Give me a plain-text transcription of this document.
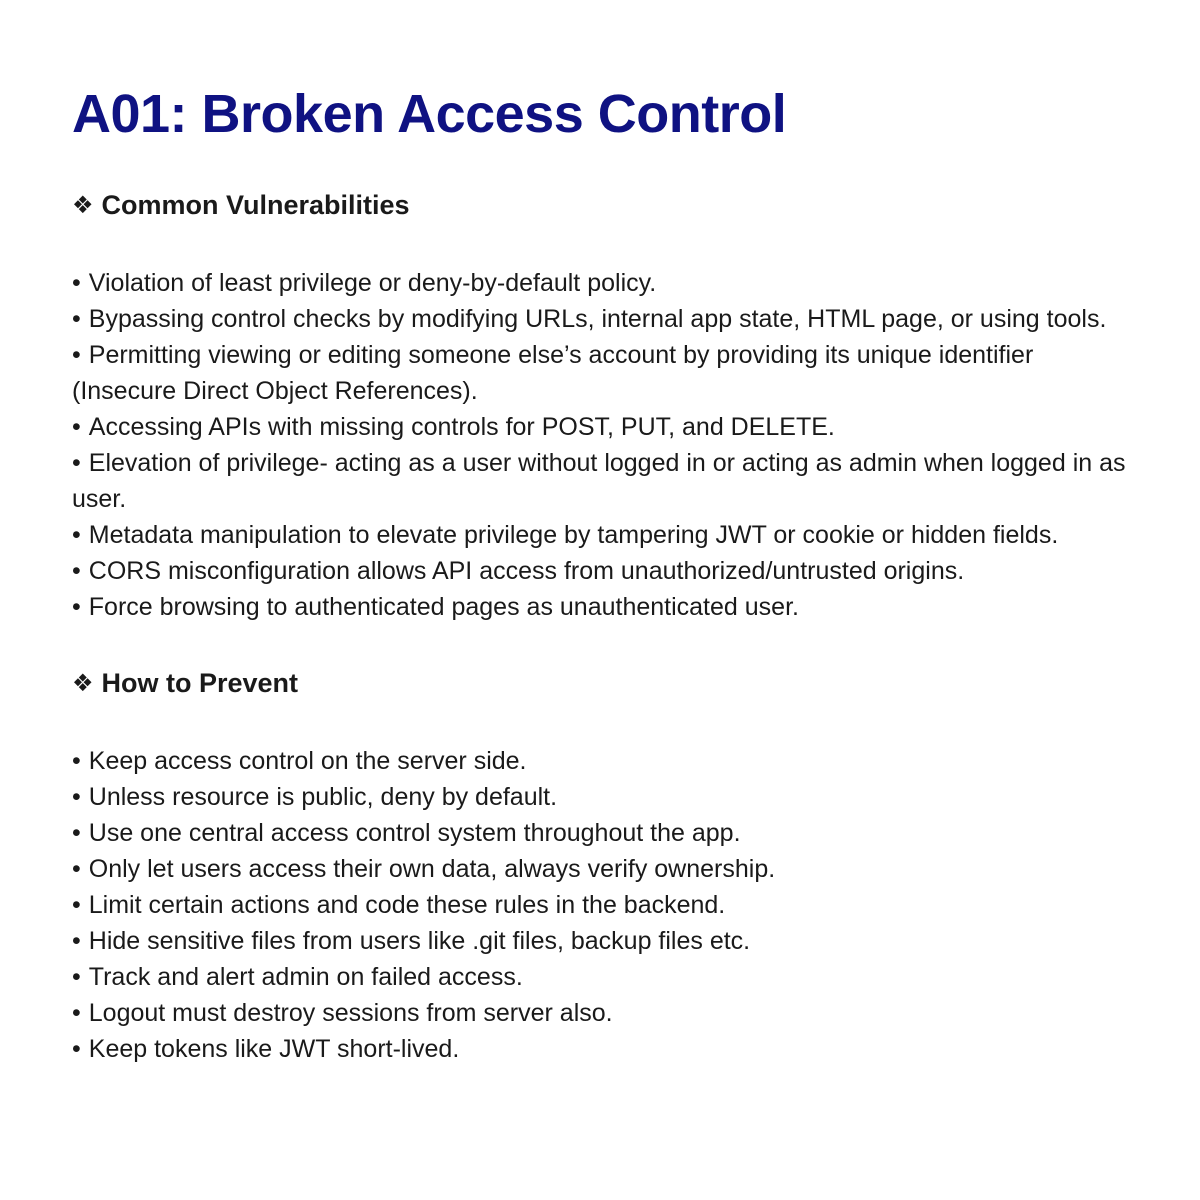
A01: Broken Access Control
❖ Common Vulnerabilities
• Violation of least privilege or deny-by-default policy.
• Bypassing control checks by modifying URLs, internal app state, HTML page, or using tools.
• Permitting viewing or editing someone else’s account by providing its unique identifier (Insecure Direct Object References).
• Accessing APIs with missing controls for POST, PUT, and DELETE.
• Elevation of privilege- acting as a user without logged in or acting as admin when logged in as user.
• Metadata manipulation to elevate privilege by tampering JWT or cookie or hidden fields.
• CORS misconfiguration allows API access from unauthorized/untrusted origins.
• Force browsing to authenticated pages as unauthenticated user.
❖ How to Prevent
• Keep access control on the server side.
• Unless resource is public, deny by default.
• Use one central access control system throughout the app.
• Only let users access their own data, always verify ownership.
• Limit certain actions and code these rules in the backend.
• Hide sensitive files from users like .git files, backup files etc.
• Track and alert admin on failed access.
• Logout must destroy sessions from server also.
• Keep tokens like JWT short-lived.
